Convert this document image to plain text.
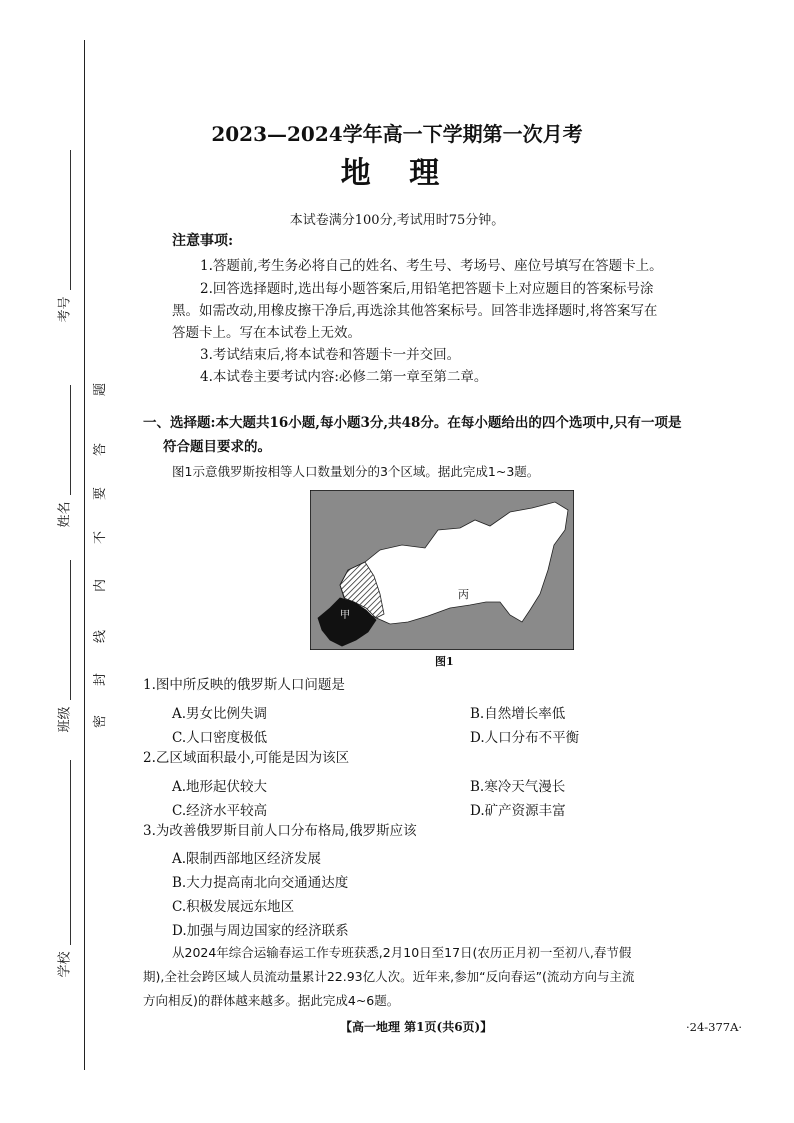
考号
姓名
班级
学校
题
答
要
不
内
线
封
密
2023—2024学年高一下学期第一次月考
地 理
本试卷满分100分,考试用时75分钟。
注意事项:
1.答题前,考生务必将自己的姓名、考生号、考场号、座位号填写在答题卡上。
2.回答选择题时,选出每小题答案后,用铅笔把答题卡上对应题目的答案标号涂
黑。如需改动,用橡皮擦干净后,再选涂其他答案标号。回答非选择题时,将答案写在
答题卡上。写在本试卷上无效。
3.考试结束后,将本试卷和答题卡一并交回。
4.本试卷主要考试内容:必修二第一章至第二章。
一、选择题:本大题共16小题,每小题3分,共48分。在每小题给出的四个选项中,只有一项是
符合题目要求的。
图1示意俄罗斯按相等人口数量划分的3个区域。据此完成1~3题。
丙
甲
图1
1.图中所反映的俄罗斯人口问题是
A.男女比例失调	B.自然增长率低
C.人口密度极低	D.人口分布不平衡
2.乙区域面积最小,可能是因为该区
A.地形起伏较大	B.寒冷天气漫长
C.经济水平较高	D.矿产资源丰富
3.为改善俄罗斯目前人口分布格局,俄罗斯应该
A.限制西部地区经济发展
B.大力提高南北向交通通达度
C.积极发展远东地区
D.加强与周边国家的经济联系
从2024年综合运输春运工作专班获悉,2月10日至17日(农历正月初一至初八,春节假
期),全社会跨区域人员流动量累计22.93亿人次。近年来,参加“反向春运”(流动方向与主流
方向相反)的群体越来越多。据此完成4~6题。
【高一地理 第1页(共6页)】	·24-377A·
